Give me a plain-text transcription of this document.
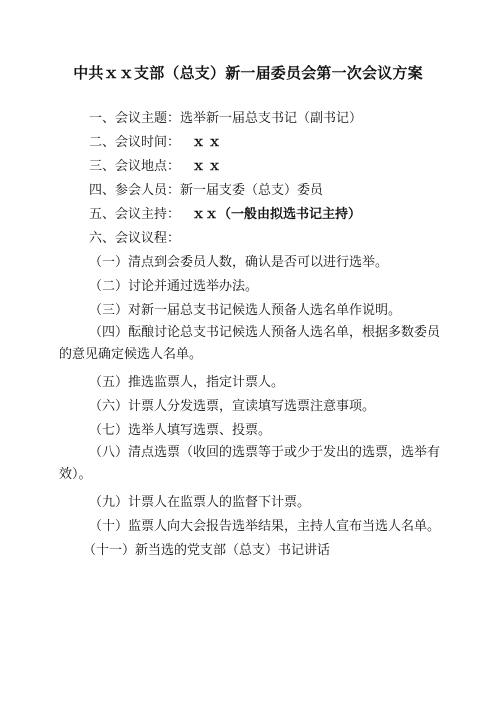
中共ｘｘ支部（总支）新一届委员会第一次会议方案
一、会议主题：选举新一届总支书记（副书记）
二、会议时间： ｘｘ
三、会议地点： ｘｘ
四、参会人员：新一届支委（总支）委员
五、会议主持： ｘｘ（一般由拟选书记主持）
六、会议议程：
（一）清点到会委员人数，确认是否可以进行选举。
（二）讨论并通过选举办法。
（三）对新一届总支书记候选人预备人选名单作说明。
（四）酝酿讨论总支书记候选人预备人选名单，根据多数委员的意见确定候选人名单。
（五）推选监票人，指定计票人。
（六）计票人分发选票，宣读填写选票注意事项。
（七）选举人填写选票、投票。
（八）清点选票（收回的选票等于或少于发出的选票，选举有效）。
（九）计票人在监票人的监督下计票。
（十）监票人向大会报告选举结果，主持人宣布当选人名单。
（十一）新当选的党支部（总支）书记讲话
